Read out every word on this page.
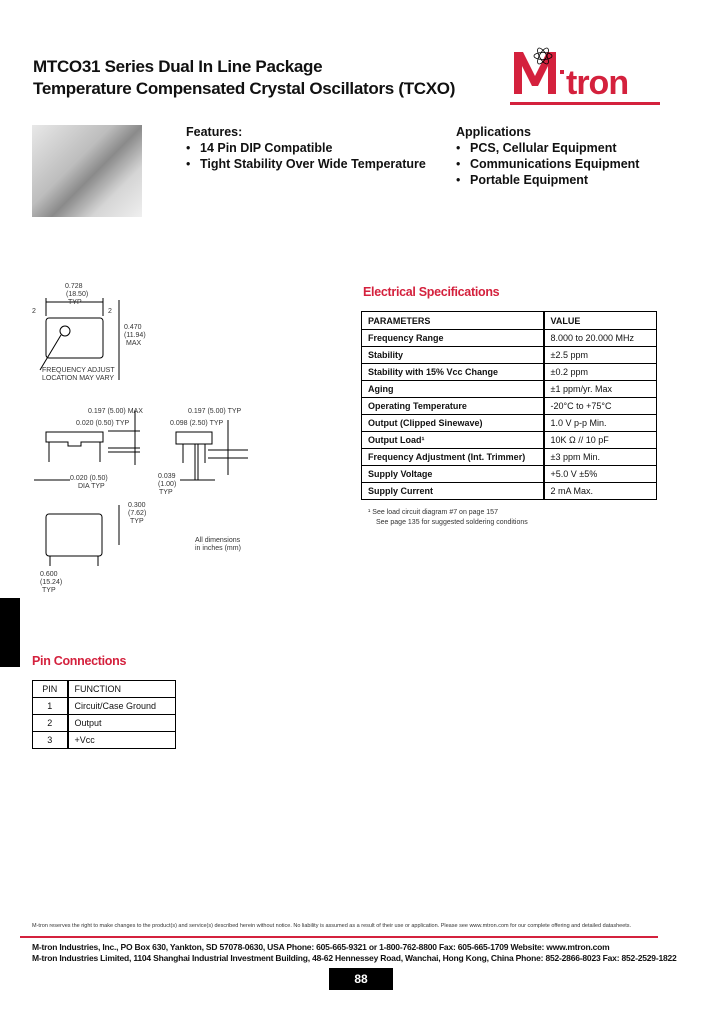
MTCO31 Series Dual In Line Package
Temperature Compensated Crystal Oscillators (TCXO)	tron
Features:
• 14 Pin DIP Compatible
• Tight Stability Over Wide Temperature
Applications
• PCS, Cellular Equipment
• Communications Equipment
• Portable Equipment
Electrical Specifications
PARAMETERS	VALUE
Frequency Range	8.000 to 20.000 MHz
Stability	±2.5 ppm
Stability with 15% Vcc Change	±0.2 ppm
Aging	±1 ppm/yr. Max
Operating Temperature	-20°C to +75°C
Output (Clipped Sinewave)	1.0 V p-p Min.
Output Load¹	10K Ω // 10 pF
Frequency Adjustment (Int. Trimmer)	±3 ppm Min.
Supply Voltage	+5.0 V ±5%
Supply Current	2 mA Max.
¹ See load circuit diagram #7 on page 157
See page 135 for suggested soldering conditions
0.728
(18.50)
TYP
2	2
0.470
(11.94)
MAX
FREQUENCY ADJUST
LOCATION MAY VARY
0.197 (5.00) MAX
0.020 (0.50) TYP
0.020 (0.50)
DIA TYP
0.197 (5.00) TYP
0.098 (2.50) TYP
0.039
(1.00)
TYP
0.300
(7.62)
TYP
0.600
(15.24)
TYP
All dimensions
in inches (mm)
Pin Connections
PIN	FUNCTION
1	Circuit/Case Ground
2	Output
3	+Vcc
M-tron reserves the right to make changes to the product(s) and service(s) described herein without notice. No liability is assumed as a result of their use or application. Please see www.mtron.com for our complete offering and detailed datasheets.
M-tron Industries, Inc., PO Box 630, Yankton, SD 57078-0630, USA Phone: 605-665-9321 or 1-800-762-8800 Fax: 605-665-1709 Website: www.mtron.com
M-tron Industries Limited, 1104 Shanghai Industrial Investment Building, 48-62 Hennessey Road, Wanchai, Hong Kong, China Phone: 852-2866-8023 Fax: 852-2529-1822
88
